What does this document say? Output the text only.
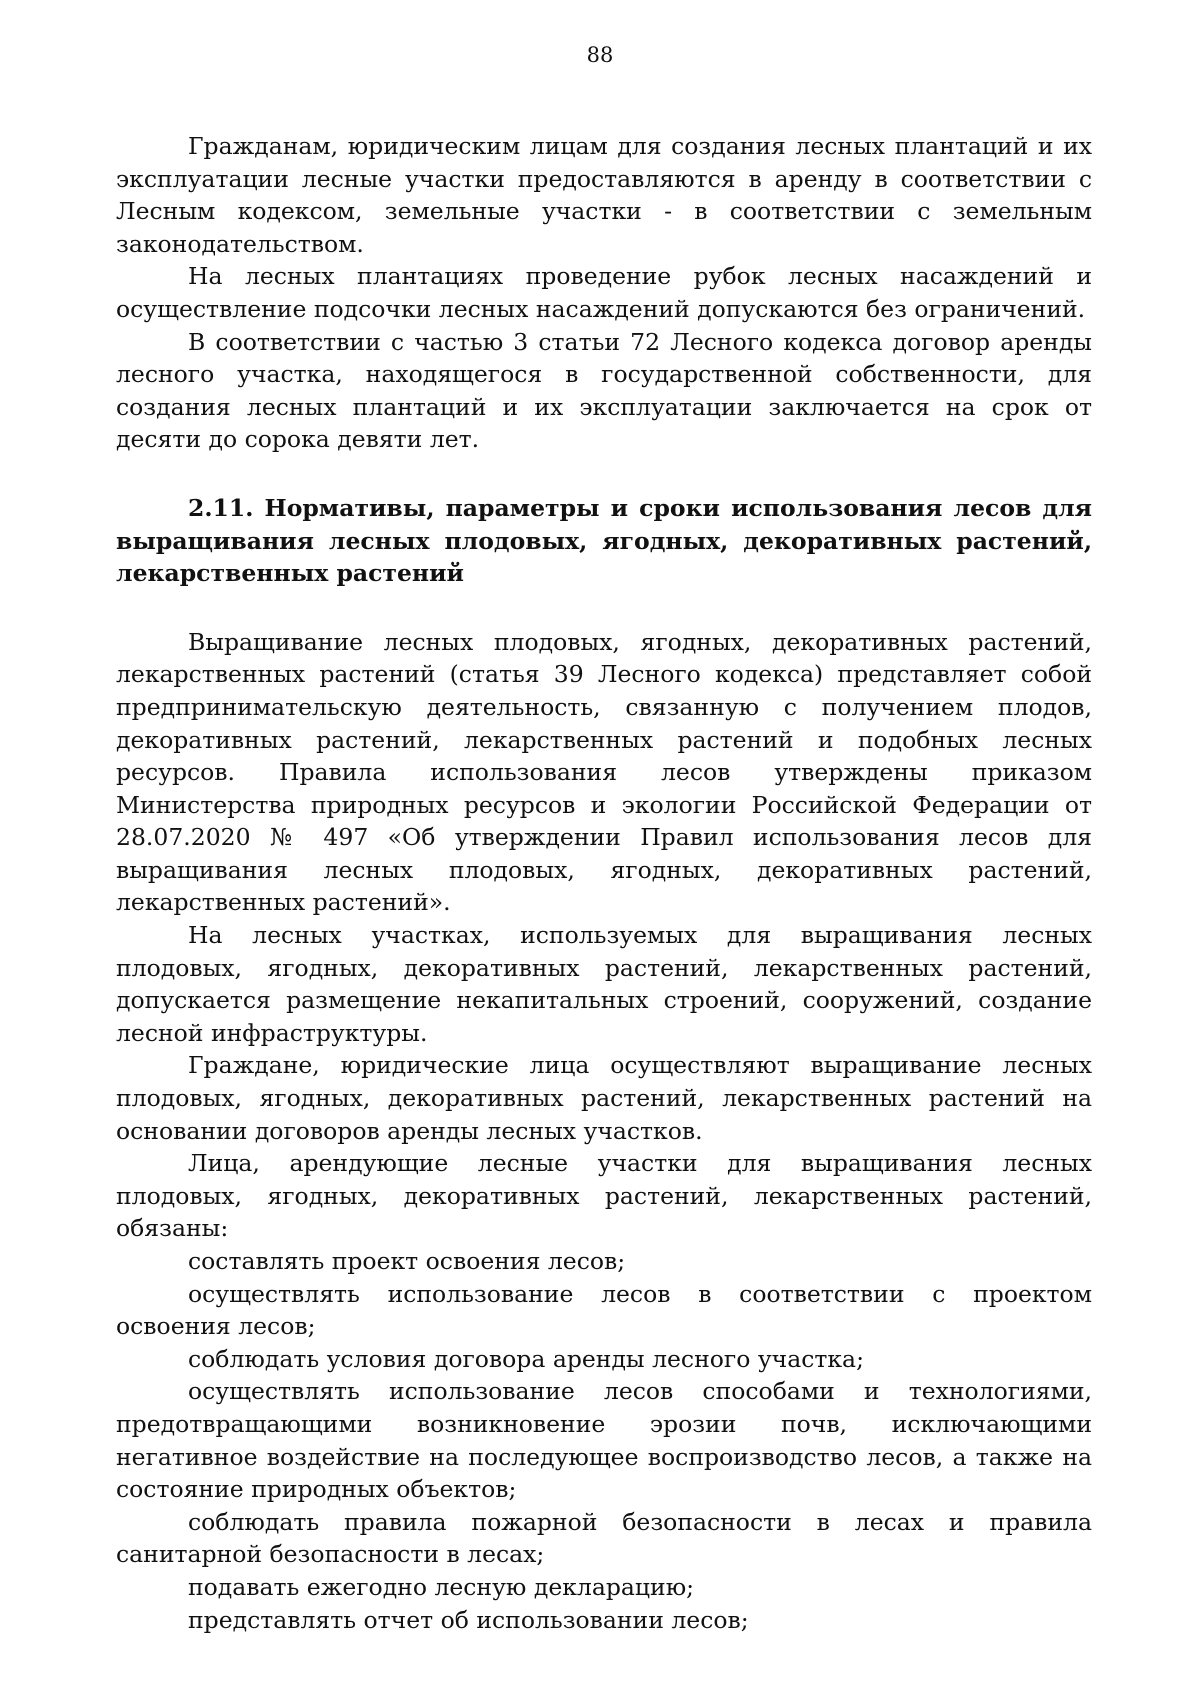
88

Гражданам, юридическим лицам для создания лесных плантаций и их эксплуатации лесные участки предоставляются в аренду в соответствии с Лесным кодексом, земельные участки - в соответствии с земельным законодательством.

На лесных плантациях проведение рубок лесных насаждений и осуществление подсочки лесных насаждений допускаются без ограничений.

В соответствии с частью 3 статьи 72 Лесного кодекса договор аренды лесного участка, находящегося в государственной собственности, для создания лесных плантаций и их эксплуатации заключается на срок от десяти до сорока девяти лет.

2.11. Нормативы, параметры и сроки использования лесов для выращивания лесных плодовых, ягодных, декоративных растений, лекарственных растений

Выращивание лесных плодовых, ягодных, декоративных растений, лекарственных растений (статья 39 Лесного кодекса) представляет собой предпринимательскую деятельность, связанную с получением плодов, декоративных растений, лекарственных растений и подобных лесных ресурсов. Правила использования лесов утверждены приказом Министерства природных ресурсов и экологии Российской Федерации от 28.07.2020 № 497 «Об утверждении Правил использования лесов для выращивания лесных плодовых, ягодных, декоративных растений, лекарственных растений».

На лесных участках, используемых для выращивания лесных плодовых, ягодных, декоративных растений, лекарственных растений, допускается размещение некапитальных строений, сооружений, создание лесной инфраструктуры.

Граждане, юридические лица осуществляют выращивание лесных плодовых, ягодных, декоративных растений, лекарственных растений на основании договоров аренды лесных участков.

Лица, арендующие лесные участки для выращивания лесных плодовых, ягодных, декоративных растений, лекарственных растений, обязаны:

составлять проект освоения лесов;

осуществлять использование лесов в соответствии с проектом освоения лесов;

соблюдать условия договора аренды лесного участка;

осуществлять использование лесов способами и технологиями, предотвращающими возникновение эрозии почв, исключающими негативное воздействие на последующее воспроизводство лесов, а также на состояние природных объектов;

соблюдать правила пожарной безопасности в лесах и правила санитарной безопасности в лесах;

подавать ежегодно лесную декларацию;

представлять отчет об использовании лесов;
